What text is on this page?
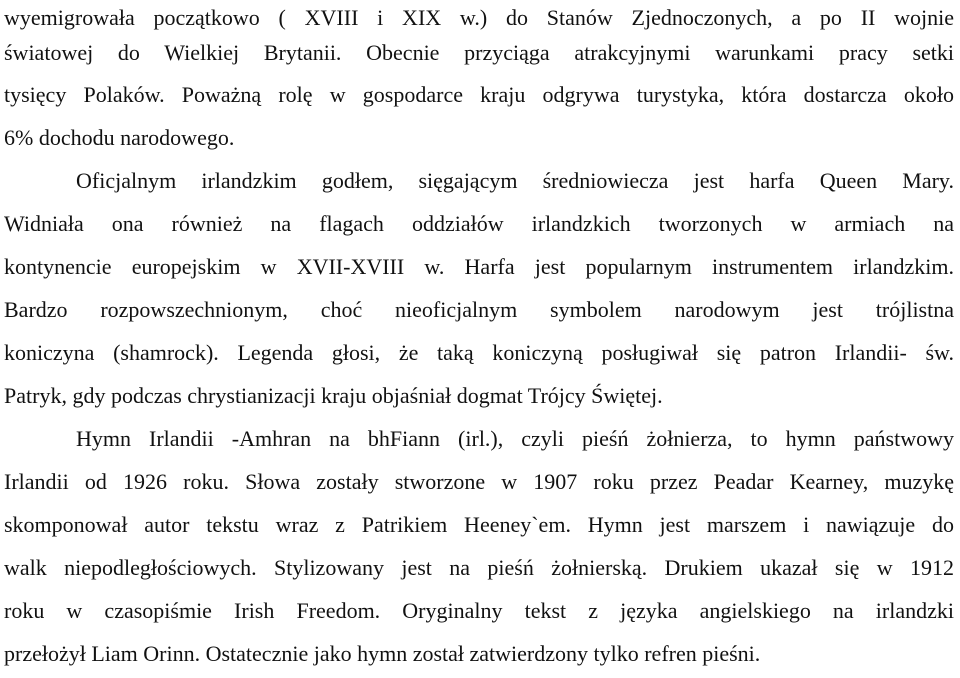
wyemigrowała początkowo ( XVIII i XIX w.) do Stanów Zjednoczonych, a po II wojnie
światowej do Wielkiej Brytanii. Obecnie przyciąga atrakcyjnymi warunkami pracy setki
tysięcy Polaków. Poważną rolę w gospodarce kraju odgrywa turystyka, która dostarcza około
6% dochodu narodowego.
Oficjalnym irlandzkim godłem, sięgającym średniowiecza jest harfa Queen Mary.
Widniała ona również na flagach oddziałów irlandzkich tworzonych w armiach na
kontynencie europejskim w XVII-XVIII w. Harfa jest popularnym instrumentem irlandzkim.
Bardzo rozpowszechnionym, choć nieoficjalnym symbolem narodowym jest trójlistna
koniczyna (shamrock). Legenda głosi, że taką koniczyną posługiwał się patron Irlandii- św.
Patryk, gdy podczas chrystianizacji kraju objaśniał dogmat Trójcy Świętej.
Hymn Irlandii -Amhran na bhFiann (irl.), czyli pieśń żołnierza, to hymn państwowy
Irlandii od 1926 roku. Słowa zostały stworzone w 1907 roku przez Peadar Kearney, muzykę
skomponował autor tekstu wraz z Patrikiem Heeney`em. Hymn jest marszem i nawiązuje do
walk niepodległościowych. Stylizowany jest na pieśń żołnierską. Drukiem ukazał się w 1912
roku w czasopiśmie Irish Freedom. Oryginalny tekst z języka angielskiego na irlandzki
przełożył Liam Orinn. Ostatecznie jako hymn został zatwierdzony tylko refren pieśni.
